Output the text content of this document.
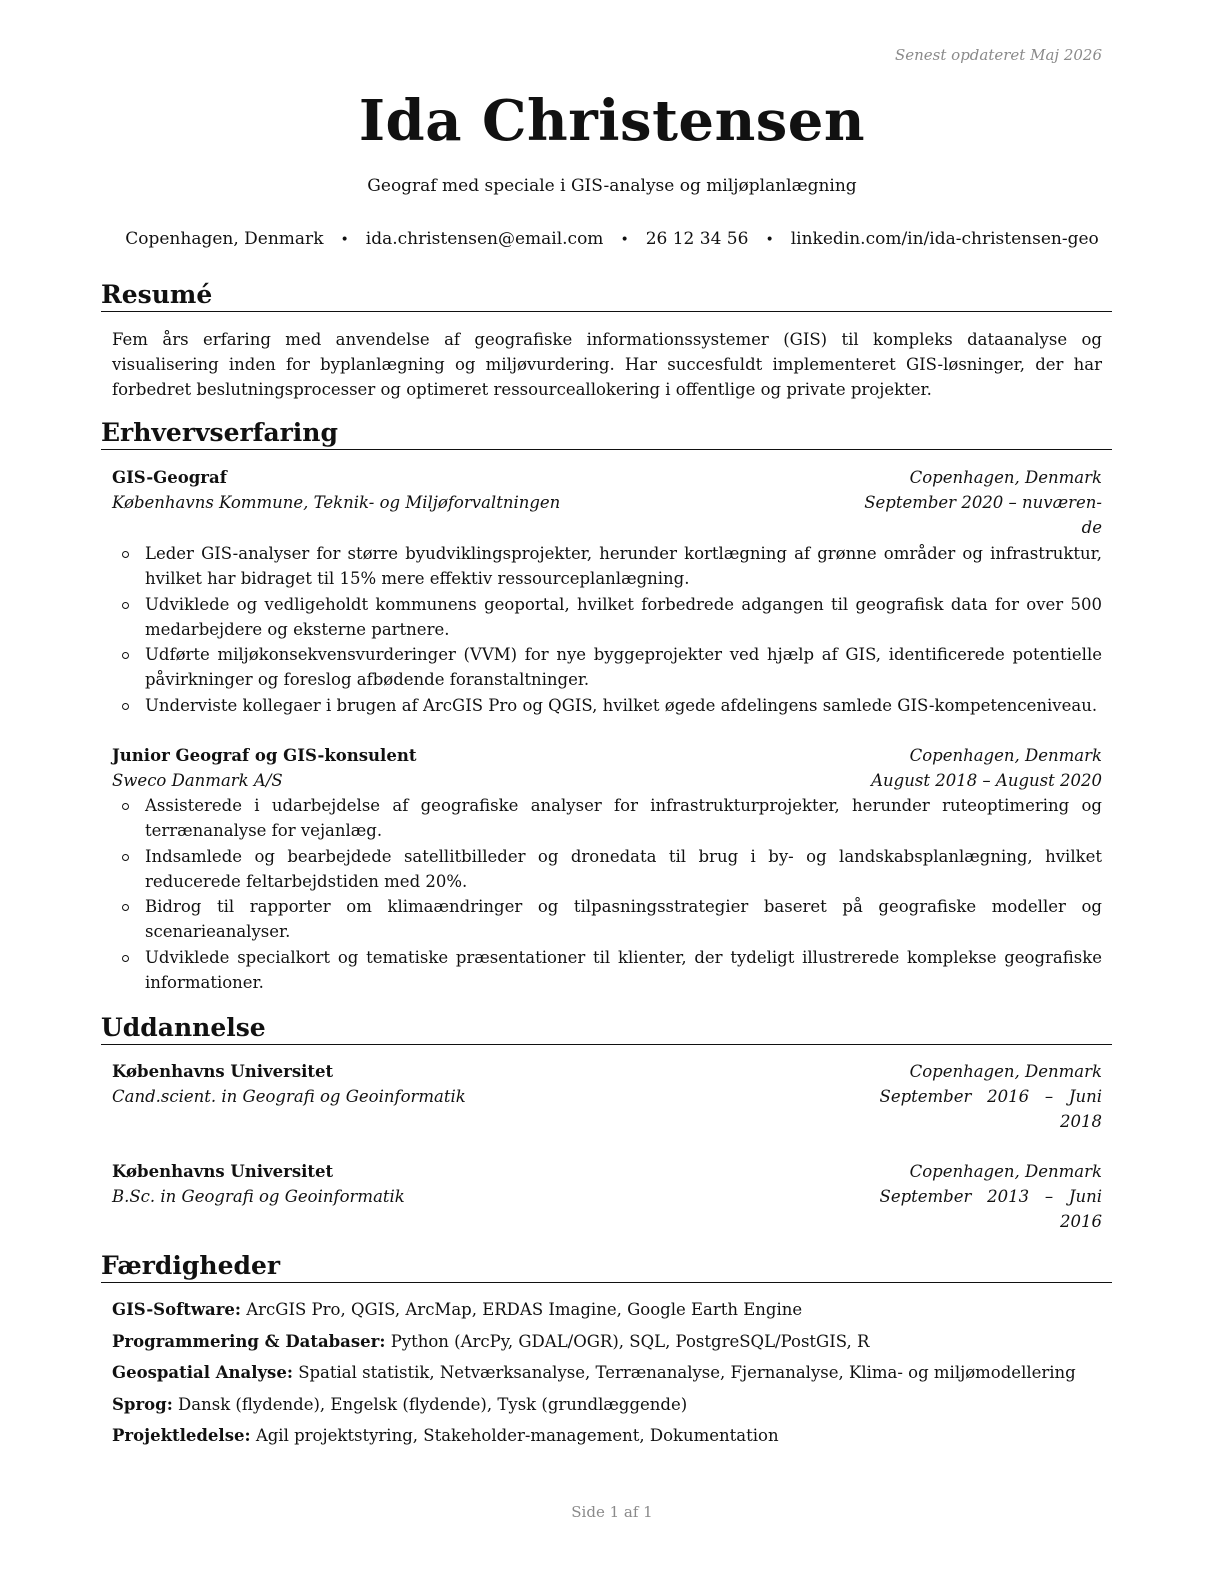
Senest opdateret Maj 2026
Ida Christensen
Geograf med speciale i GIS-analyse og miljøplanlægning
Copenhagen, Denmark • ida.christensen@email.com • 26 12 34 56 • linkedin.com/in/ida-christensen-geo
Resumé
Fem års erfaring med anvendelse af geografiske informationssystemer (GIS) til kompleks dataanalyse og visualisering inden for byplanlægning og miljøvurdering. Har succesfuldt implementeret GIS-løsninger, der har forbedret beslutningsprocesser og optimeret ressourceallokering i offentlige og private projekter.
Erhvervserfaring
GIS-Geograf	Copenhagen, Denmark
Københavns Kommune, Teknik- og Miljøforvaltningen	September 2020 – nuværen-
de
Leder GIS-analyser for større byudviklingsprojekter, herunder kortlægning af grønne områder og infrastruktur, hvilket har bidraget til 15% mere effektiv ressourceplanlægning.
Udviklede og vedligeholdt kommunens geoportal, hvilket forbedrede adgangen til geografisk data for over 500 medarbejdere og eksterne partnere.
Udførte miljøkonsekvensvurderinger (VVM) for nye byggeprojekter ved hjælp af GIS, identificerede potentielle påvirkninger og foreslog afbødende foranstaltninger.
Underviste kollegaer i brugen af ArcGIS Pro og QGIS, hvilket øgede afdelingens samlede GIS-kompetenceniveau.
Junior Geograf og GIS-konsulent	Copenhagen, Denmark
Sweco Danmark A/S	August 2018 – August 2020
Assisterede i udarbejdelse af geografiske analyser for infrastrukturprojekter, herunder ruteoptimering og terrænanalyse for vejanlæg.
Indsamlede og bearbejdede satellitbilleder og dronedata til brug i by- og landskabsplanlægning, hvilket reducerede feltarbejdstiden med 20%.
Bidrog til rapporter om klimaændringer og tilpasningsstrategier baseret på geografiske modeller og scenarieanalyser.
Udviklede specialkort og tematiske præsentationer til klienter, der tydeligt illustrerede komplekse geografiske informationer.
Uddannelse
Københavns Universitet	Copenhagen, Denmark
Cand.scient. in Geografi og Geoinformatik	September   2016   –   Juni
2018
Københavns Universitet	Copenhagen, Denmark
B.Sc. in Geografi og Geoinformatik	September   2013   –   Juni
2016
Færdigheder
GIS-Software: ArcGIS Pro, QGIS, ArcMap, ERDAS Imagine, Google Earth Engine
Programmering & Databaser: Python (ArcPy, GDAL/OGR), SQL, PostgreSQL/PostGIS, R
Geospatial Analyse: Spatial statistik, Netværksanalyse, Terrænanalyse, Fjernanalyse, Klima- og miljømodellering
Sprog: Dansk (flydende), Engelsk (flydende), Tysk (grundlæggende)
Projektledelse: Agil projektstyring, Stakeholder-management, Dokumentation
Side 1 af 1
